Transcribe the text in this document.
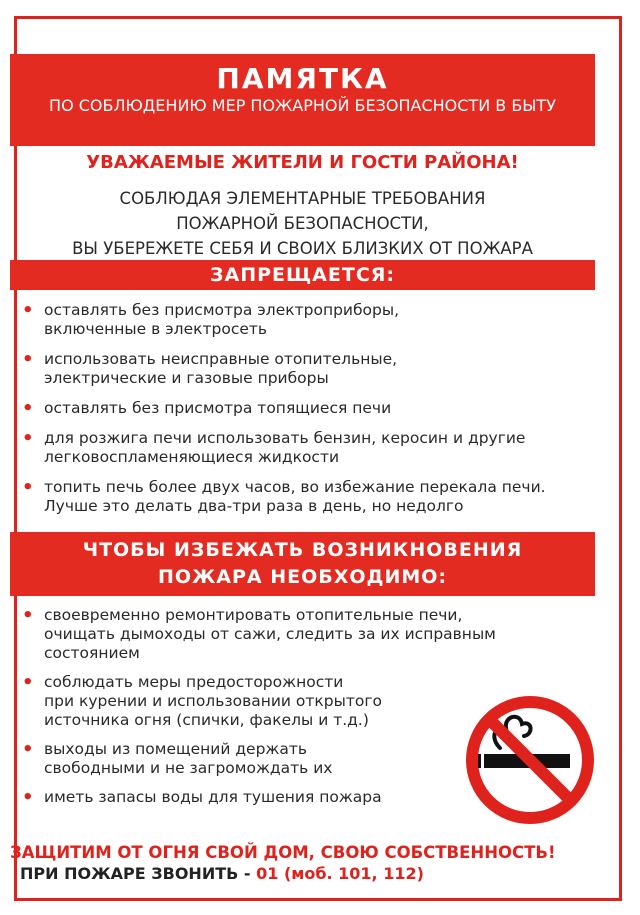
ПАМЯТКА
ПО СОБЛЮДЕНИЮ МЕР ПОЖАРНОЙ БЕЗОПАСНОСТИ В БЫТУ
УВАЖАЕМЫЕ ЖИТЕЛИ И ГОСТИ РАЙОНА!
СОБЛЮДАЯ ЭЛЕМЕНТАРНЫЕ ТРЕБОВАНИЯ
ПОЖАРНОЙ БЕЗОПАСНОСТИ,
ВЫ УБЕРЕЖЕТЕ СЕБЯ И СВОИХ БЛИЗКИХ ОТ ПОЖАРА
ЗАПРЕЩАЕТСЯ:
• оставлять без присмотра электроприборы,
включенные в электросеть
• использовать неисправные отопительные,
электрические и газовые приборы
• оставлять без присмотра топящиеся печи
• для розжига печи использовать бензин, керосин и другие
легковоспламеняющиеся жидкости
• топить печь более двух часов, во избежание перекала печи.
Лучше это делать два-три раза в день, но недолго
ЧТОБЫ ИЗБЕЖАТЬ ВОЗНИКНОВЕНИЯ
ПОЖАРА НЕОБХОДИМО:
• своевременно ремонтировать отопительные печи,
очищать дымоходы от сажи, следить за их исправным
состоянием
• соблюдать меры предосторожности
при курении и использовании открытого
источника огня (спички, факелы и т.д.)
• выходы из помещений держать
свободными и не загромождать их
• иметь запасы воды для тушения пожара
ЗАЩИТИМ ОТ ОГНЯ СВОЙ ДОМ, СВОЮ СОБСТВЕННОСТЬ!
ПРИ ПОЖАРЕ ЗВОНИТЬ - 01 (моб. 101, 112)
